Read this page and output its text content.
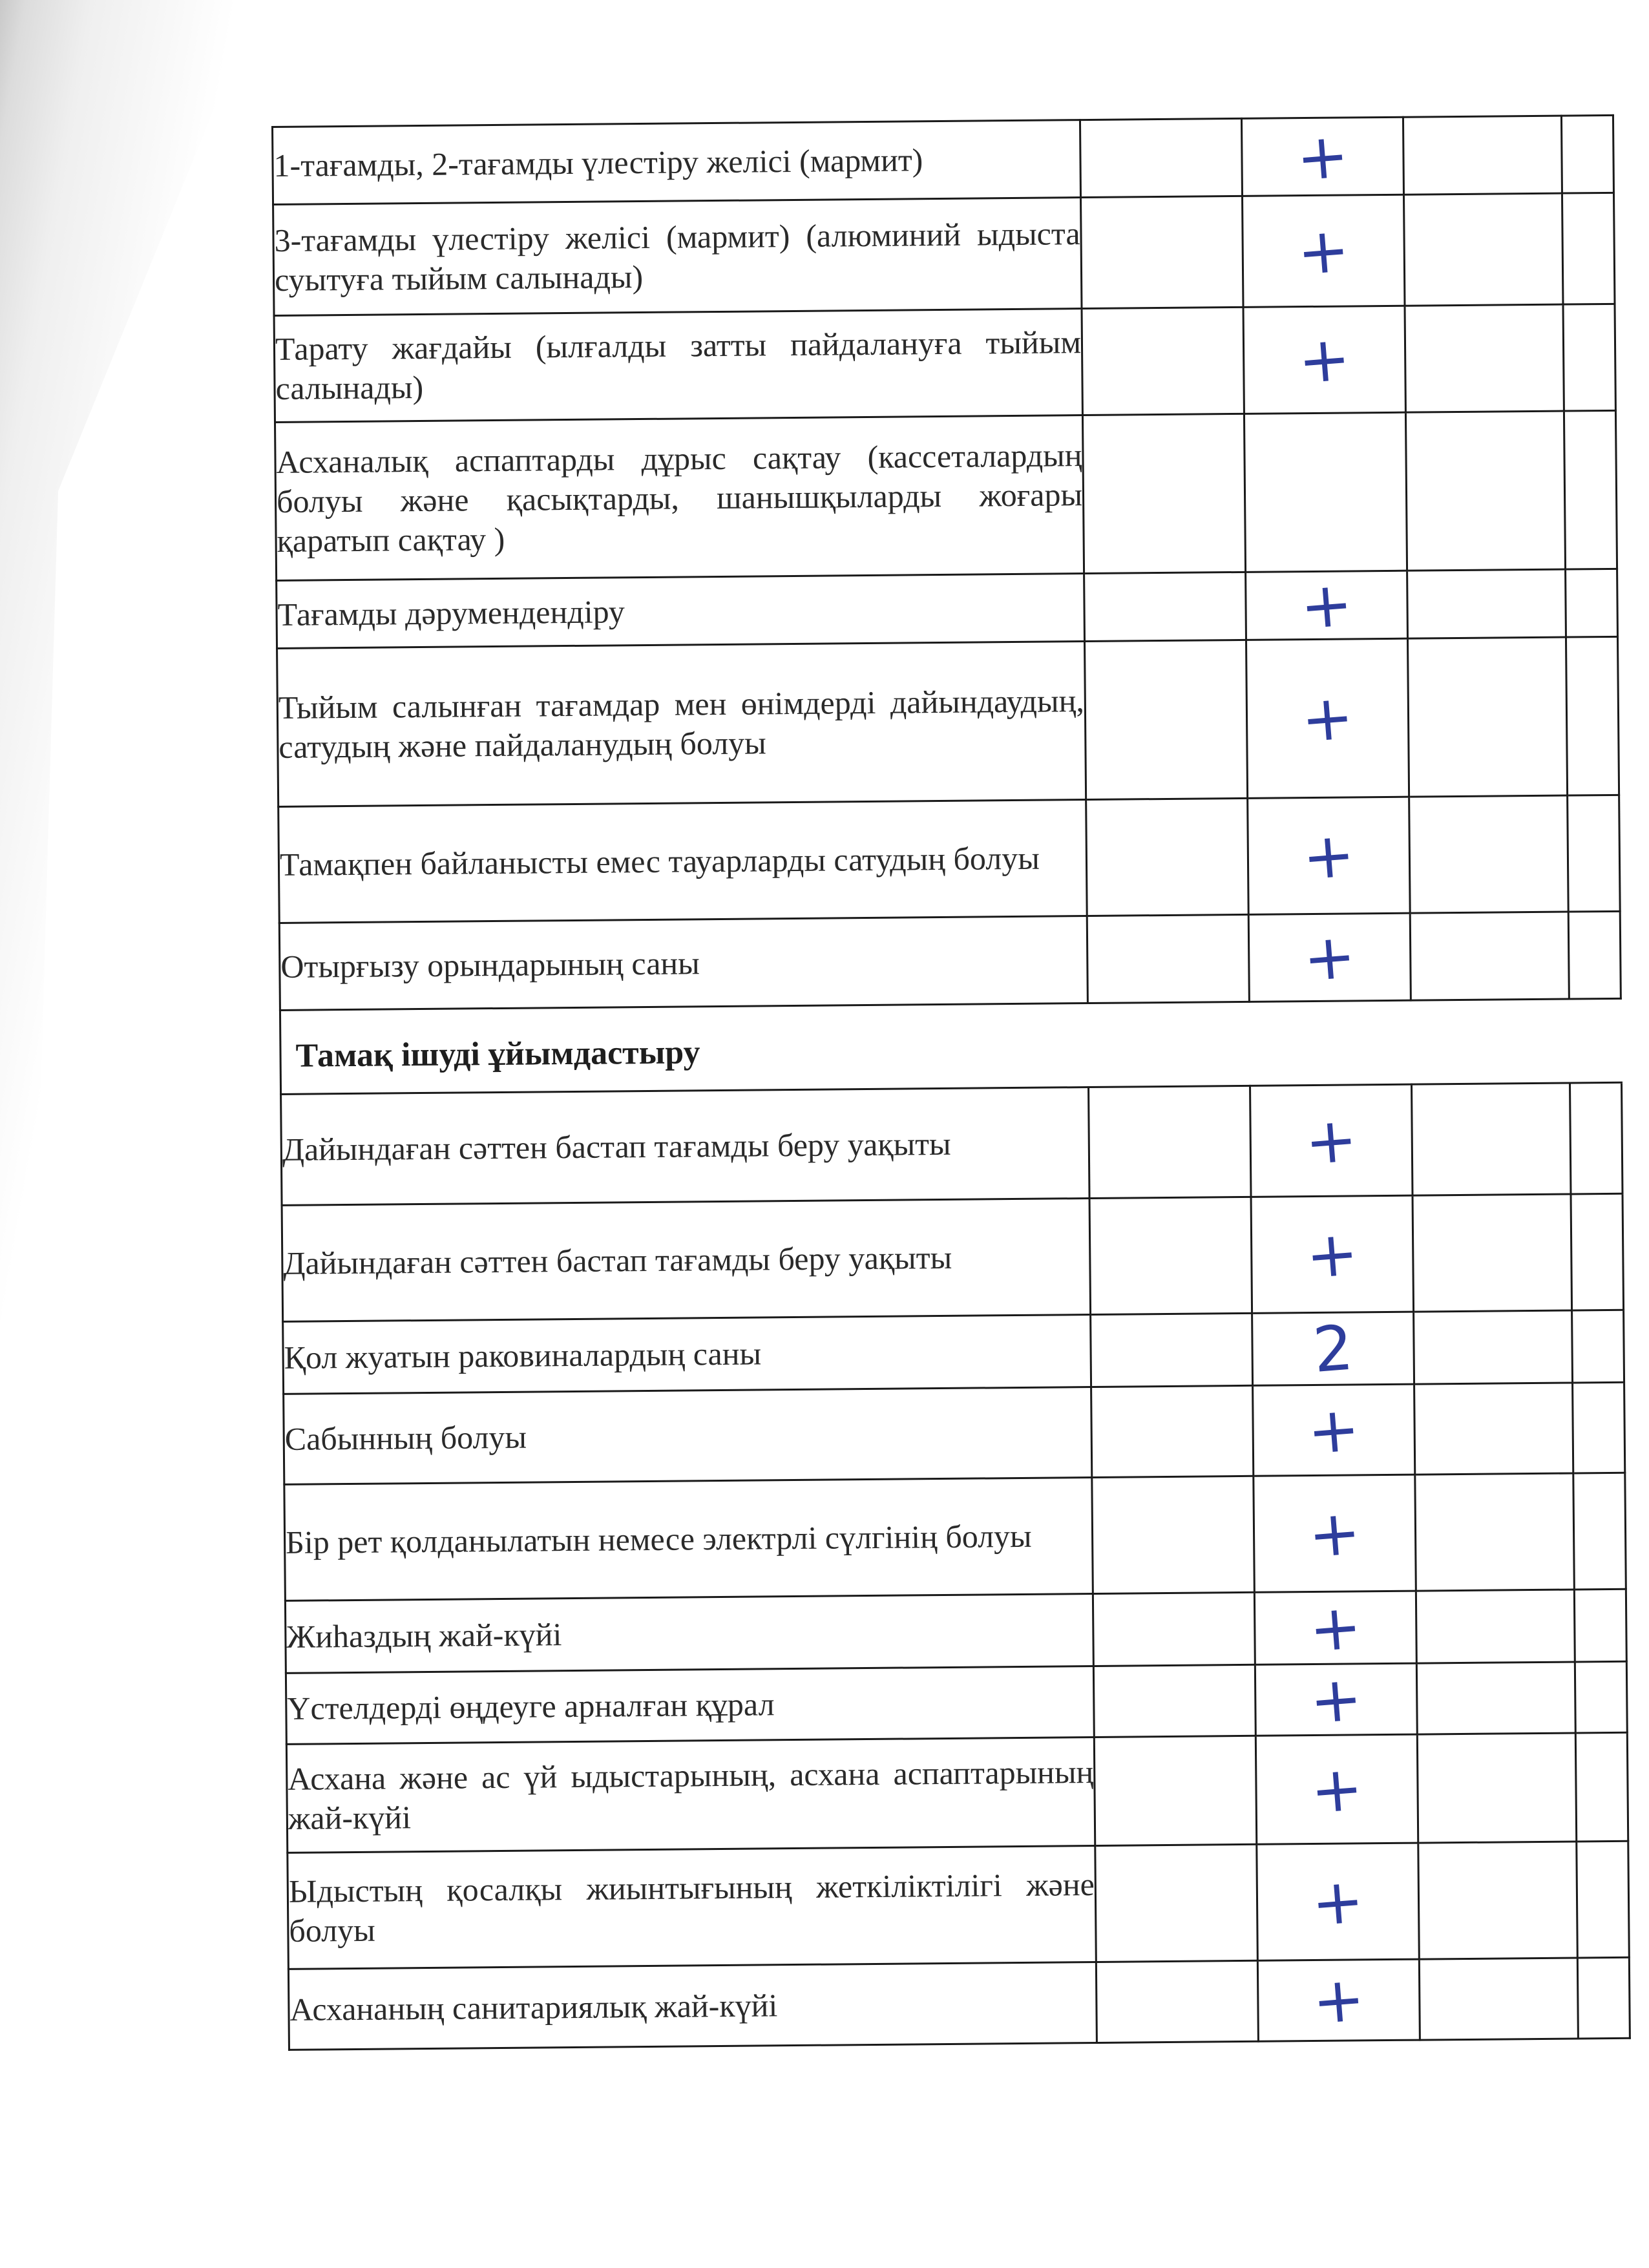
1-тағамды, 2-тағамды үлестіру желісі (мармит)		+		
3-тағамды үлестіру желісі (мармит) (алюминий ыдыста суытуға тыйым салынады)		+		
Тарату жағдайы (ылғалды затты пайдалануға тыйым салынады)		+		
Асханалық аспаптарды дұрыс сақтау (кассеталардың болуы және қасықтарды, шанышқыларды жоғары қаратып сақтау )				
Тағамды дәрумендендіру		+		
Тыйым салынған тағамдар мен өнімдерді дайындаудың, сатудың және пайдаланудың болуы		+		
Тамақпен байланысты емес тауарларды сатудың болуы		+		
Отырғызу орындарының саны		+		
Тамақ ішуді ұйымдастыру				
Дайындаған сәттен бастап тағамды беру уақыты		+		
Дайындаған сәттен бастап тағамды беру уақыты		+		
Қол жуатын раковиналардың саны		2		
Сабынның болуы		+		
Бір рет қолданылатын немесе электрлі сүлгінің болуы		+		
Жиһаздың жай-күйі		+		
Үстелдерді өңдеуге арналған құрал		+		
Асхана және ас үй ыдыстарының, асхана аспаптарының жай-күйі		+		
Ыдыстың қосалқы жиынтығының жеткіліктілігі және болуы		+		
Асхананың санитариялық жай-күйі		+		
